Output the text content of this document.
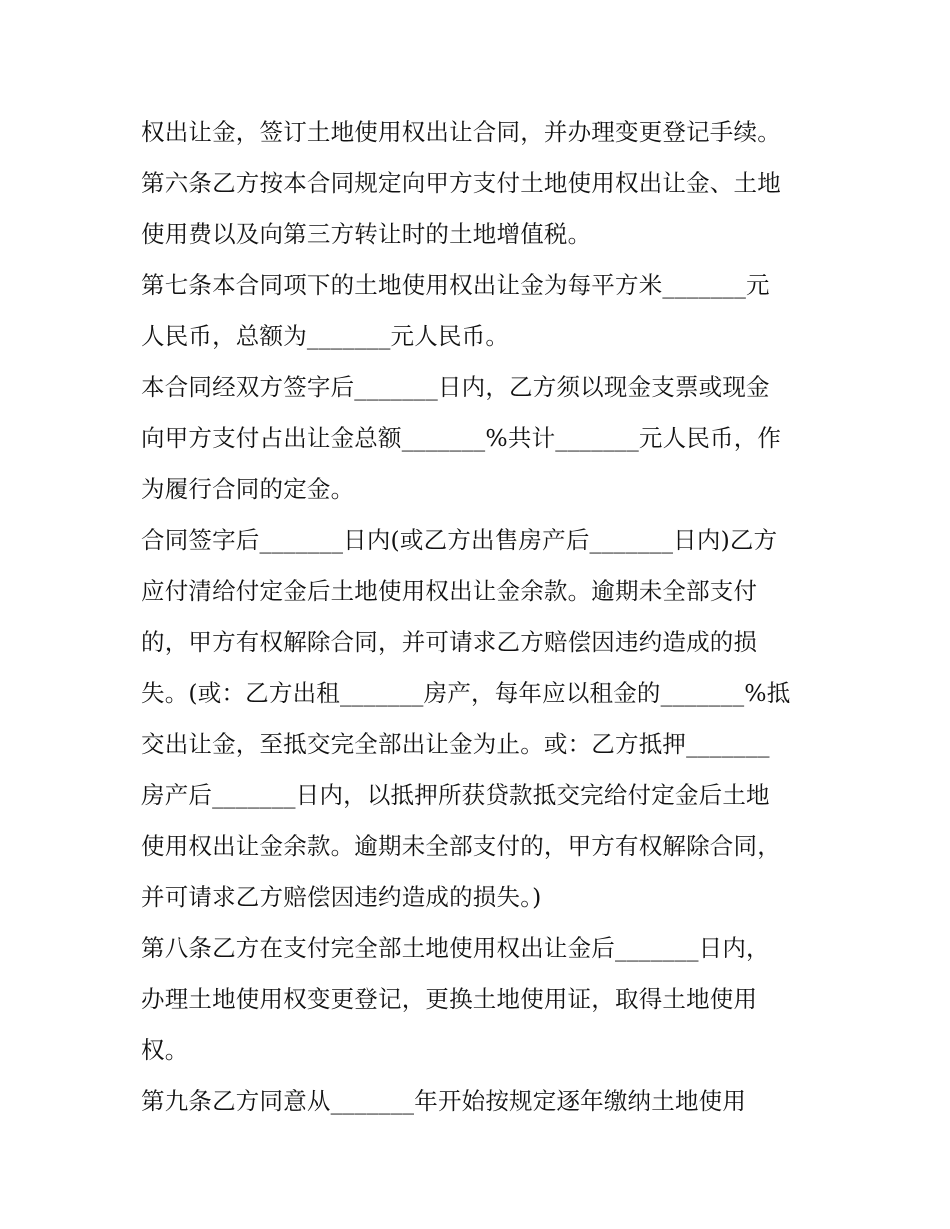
权出让金，签订土地使用权出让合同，并办理变更登记手续。
第六条乙方按本合同规定向甲方支付土地使用权出让金、土地
使用费以及向第三方转让时的土地增值税。
第七条本合同项下的土地使用权出让金为每平方米_______元
人民币，总额为_______元人民币。
本合同经双方签字后_______日内，乙方须以现金支票或现金
向甲方支付占出让金总额_______%共计_______元人民币，作
为履行合同的定金。
合同签字后_______日内(或乙方出售房产后_______日内)乙方
应付清给付定金后土地使用权出让金余款。逾期未全部支付
的，甲方有权解除合同，并可请求乙方赔偿因违约造成的损
失。(或：乙方出租_______房产，每年应以租金的_______%抵
交出让金，至抵交完全部出让金为止。或：乙方抵押_______
房产后_______日内，以抵押所获贷款抵交完给付定金后土地
使用权出让金余款。逾期未全部支付的，甲方有权解除合同，
并可请求乙方赔偿因违约造成的损失。)
第八条乙方在支付完全部土地使用权出让金后_______日内，
办理土地使用权变更登记，更换土地使用证，取得土地使用
权。
第九条乙方同意从_______年开始按规定逐年缴纳土地使用
